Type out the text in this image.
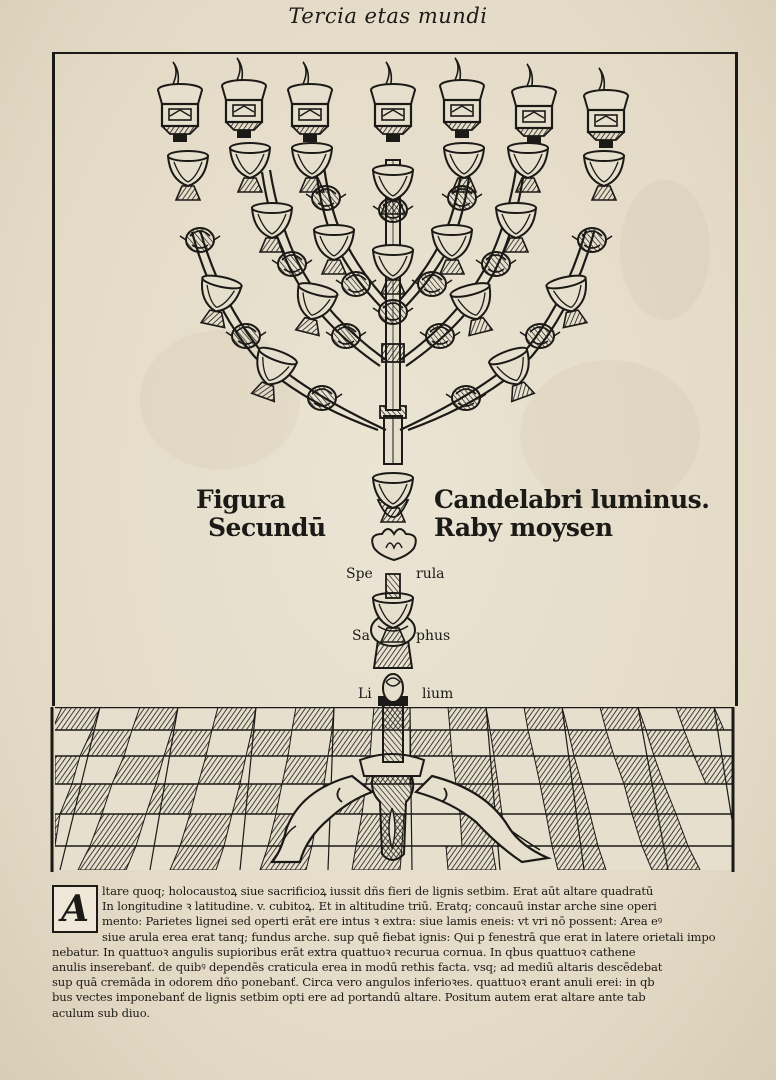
Tercia etas mundi
Figura
Secundū
Candelabri luminus.
Raby moysen
Spe	rula
Sa	phus
Li	lium
A	ltare quoq; holocaustoꝝ siue sacrificioꝝ iussit dñs fieri de lignis setbim. Erat aūt altare quadratū
In longitudine ꝛ latitudine. v. cubitoꝝ. Et in altitudine triū. Eratq; concauū instar arche sine operi
mento: Parietes lignei sed operti erāt ere intus ꝛ extra: siue lamis eneis: vt vri nō possent: Area eꝰ
siue arula erea erat tanq; fundus arche. sup quē fiebat ignis: Qui p fenestrā que erat in latere orietali impo
nebatur. In quattuoꝛ angulis supioribus erāt extra quattuoꝛ recurua cornua. In qbus quattuoꝛ cathene
anulis inserebanť. de quibꝰ dependēs craticula erea in modū rethis facta. vsq; ad mediū altaris descēdebat
sup quā cremāda in odorem dño ponebanť. Circa vero angulos inferioꝛes. quattuoꝛ erant anuli erei: in qb
bus vectes imponebanť de lignis setbim opti ere ad portandū altare. Positum autem erat altare ante tab
aculum sub diuo.
